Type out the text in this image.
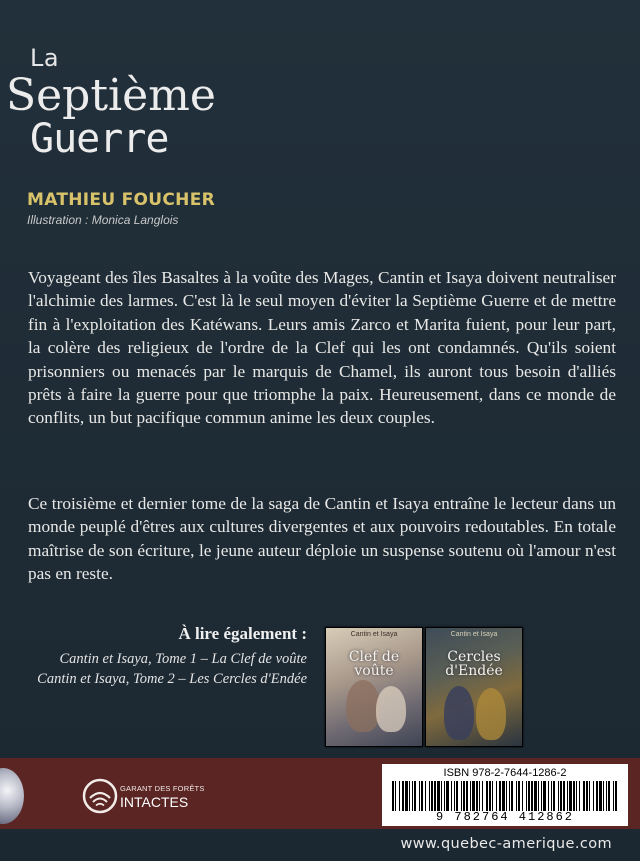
La
Septième
Guerre
MATHIEU FOUCHER
Illustration : Monica Langlois

Voyageant des îles Basaltes à la voûte des Mages, Cantin et Isaya doivent neutraliser l'alchimie des larmes. C'est là le seul moyen d'éviter la Septième Guerre et de mettre fin à l'exploitation des Katéwans. Leurs amis Zarco et Marita fuient, pour leur part, la colère des religieux de l'ordre de la Clef qui les ont condamnés. Qu'ils soient prisonniers ou menacés par le marquis de Chamel, ils auront tous besoin d'alliés prêts à faire la guerre pour que triomphe la paix. Heureusement, dans ce monde de conflits, un but pacifique commun anime les deux couples.

Ce troisième et dernier tome de la saga de Cantin et Isaya entraîne le lecteur dans un monde peuplé d'êtres aux cultures divergentes et aux pouvoirs redoutables. En totale maîtrise de son écriture, le jeune auteur déploie un suspense soutenu où l'amour n'est pas en reste.

À lire également :
Cantin et Isaya, Tome 1 – La Clef de voûte
Cantin et Isaya, Tome 2 – Les Cercles d'Endée
Cantin et Isaya
Clef de voûte
Cantin et Isaya
Cercles d'Endée
GARANT DES FORÊTS
INTACTES
ISBN 978-2-7644-1286-2
9 782764 412862
www.quebec-amerique.com
